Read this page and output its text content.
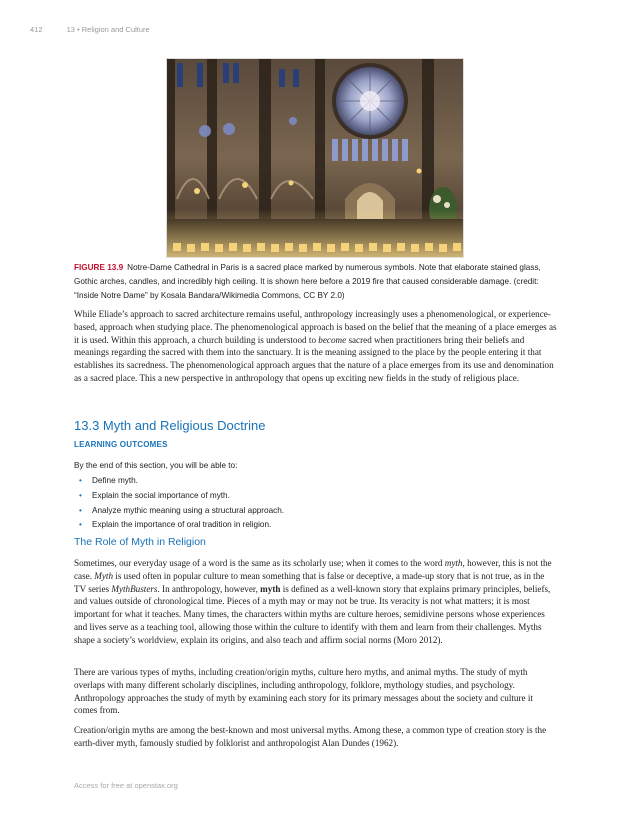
412	13 • Religion and Culture
FIGURE 13.9 Notre-Dame Cathedral in Paris is a sacred place marked by numerous symbols. Note that elaborate stained glass, Gothic arches, candles, and incredibly high ceiling. It is shown here before a 2019 fire that caused considerable damage. (credit: “Inside Notre Dame” by Kosala Bandara/Wikimedia Commons, CC BY 2.0)

While Eliade’s approach to sacred architecture remains useful, anthropology increasingly uses a phenomenological, or experience-based, approach when studying place. The phenomenological approach is based on the belief that the meaning of a place emerges as it is used. Within this approach, a church building is understood to become sacred when practitioners bring their beliefs and meanings regarding the sacred with them into the sanctuary. It is the meaning assigned to the place by the people entering it that establishes its sacredness. The phenomenological approach argues that the nature of a place emerges from its use and denomination as a sacred place. This a new perspective in anthropology that opens up exciting new fields in the study of religious place.

13.3 Myth and Religious Doctrine
LEARNING OUTCOMES
By the end of this section, you will be able to:
• Define myth.
• Explain the social importance of myth.
• Analyze mythic meaning using a structural approach.
• Explain the importance of oral tradition in religion.
The Role of Myth in Religion

Sometimes, our everyday usage of a word is the same as its scholarly use; when it comes to the word myth, however, this is not the case. Myth is used often in popular culture to mean something that is false or deceptive, a made-up story that is not true, as in the TV series MythBusters. In anthropology, however, myth is defined as a well-known story that explains primary principles, beliefs, and values outside of chronological time. Pieces of a myth may or may not be true. Its veracity is not what matters; it is most important for what it teaches. Many times, the characters within myths are culture heroes, semidivine persons whose experiences and lives serve as a teaching tool, allowing those within the culture to identify with them and learn from their challenges. Myths shape a society’s worldview, explain its origins, and also teach and affirm social norms (Moro 2012).

There are various types of myths, including creation/origin myths, culture hero myths, and animal myths. The study of myth overlaps with many different scholarly disciplines, including anthropology, folklore, mythology studies, and psychology. Anthropology approaches the study of myth by examining each story for its primary messages about the society and culture it comes from.

Creation/origin myths are among the best-known and most universal myths. Among these, a common type of creation story is the earth-diver myth, famously studied by folklorist and anthropologist Alan Dundes (1962).

Access for free at openstax.org
